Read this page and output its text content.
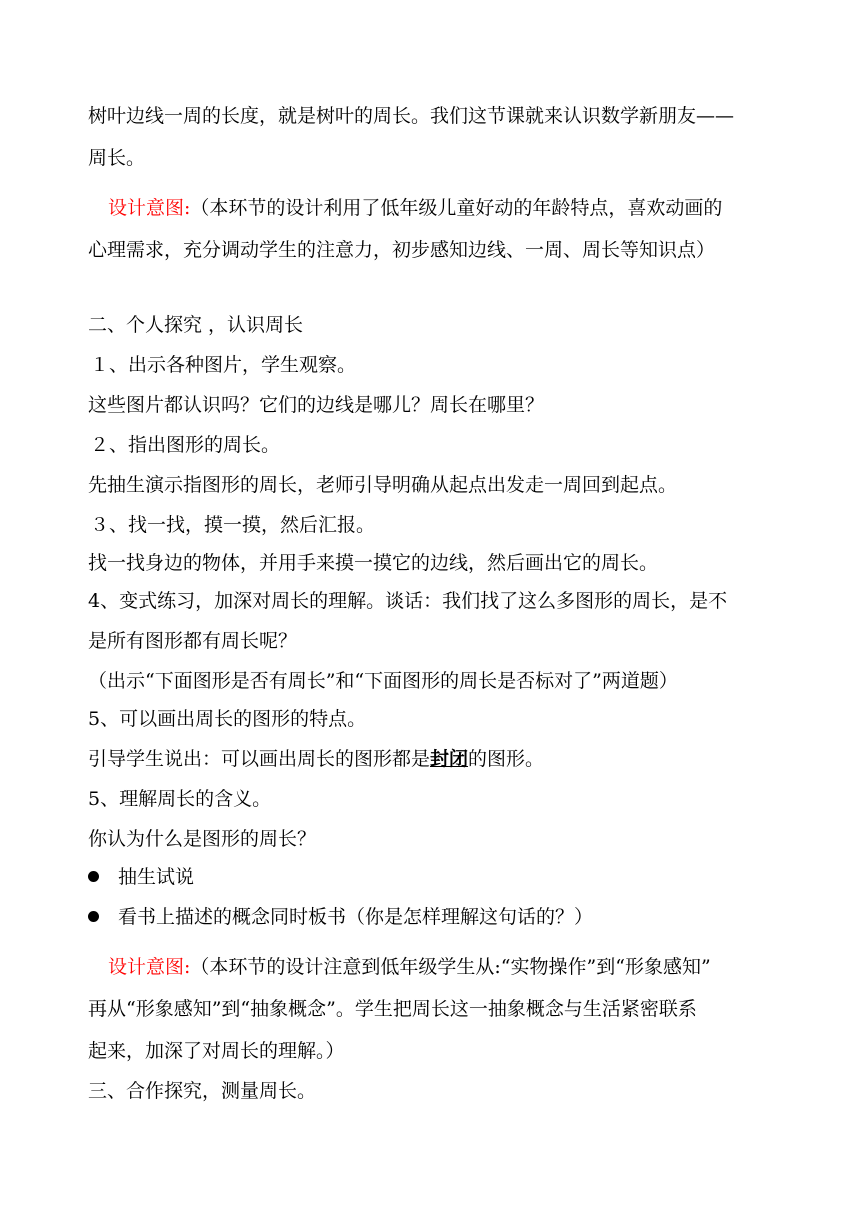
树叶边线一周的长度，就是树叶的周长。我们这节课就来认识数学新朋友——
周长。
设计意图:（本环节的设计利用了低年级儿童好动的年龄特点，喜欢动画的
心理需求，充分调动学生的注意力，初步感知边线、一周、周长等知识点）
二、个人探究 ，认识周长
１、出示各种图片，学生观察。
这些图片都认识吗？它们的边线是哪儿？周长在哪里？
２、指出图形的周长。
先抽生演示指图形的周长，老师引导明确从起点出发走一周回到起点。
３、找一找，摸一摸，然后汇报。
找一找身边的物体，并用手来摸一摸它的边线，然后画出它的周长。
4、变式练习，加深对周长的理解。谈话：我们找了这么多图形的周长，是不
是所有图形都有周长呢？
（出示“下面图形是否有周长”和“下面图形的周长是否标对了”两道题）
5、可以画出周长的图形的特点。
引导学生说出：可以画出周长的图形都是封闭的图形。
5、理解周长的含义。
你认为什么是图形的周长？
抽生试说
看书上描述的概念同时板书（你是怎样理解这句话的？）
设计意图:（本环节的设计注意到低年级学生从:“实物操作”到“形象感知”
再从“形象感知”到“抽象概念”。学生把周长这一抽象概念与生活紧密联系
起来，加深了对周长的理解。）
三、合作探究，测量周长。
